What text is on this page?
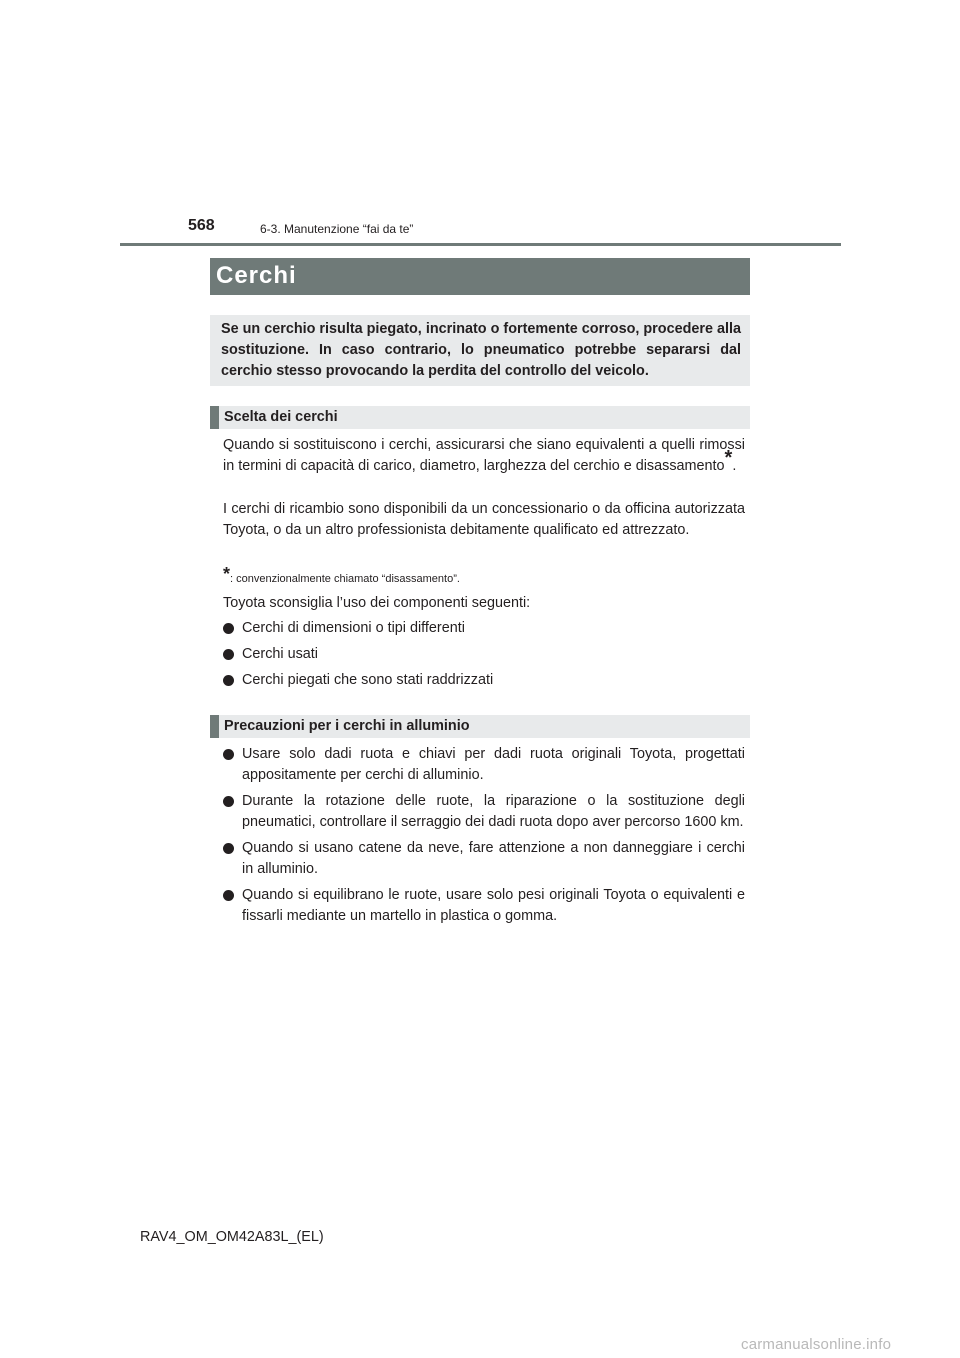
568	6-3. Manutenzione “fai da te”
Cerchi

Se un cerchio risulta piegato, incrinato o fortemente corroso, procedere alla sostituzione. In caso contrario, lo pneumatico potrebbe separarsi dal cerchio stesso provocando la perdita del controllo del veicolo.

Scelta dei cerchi

Quando si sostituiscono i cerchi, assicurarsi che siano equivalenti a quelli rimossi in termini di capacità di carico, diametro, larghezza del cerchio e disassamento*.

I cerchi di ricambio sono disponibili da un concessionario o da officina autorizzata Toyota, o da un altro professionista debitamente qualificato ed attrezzato.

*: convenzionalmente chiamato “disassamento”.

Toyota sconsiglia l’uso dei componenti seguenti:

Cerchi di dimensioni o tipi differenti
Cerchi usati
Cerchi piegati che sono stati raddrizzati
Precauzioni per i cerchi in alluminio
Usare solo dadi ruota e chiavi per dadi ruota originali Toyota, progettati appositamente per cerchi di alluminio.
Durante la rotazione delle ruote, la riparazione o la sostituzione degli pneumatici, controllare il serraggio dei dadi ruota dopo aver percorso 1600 km.
Quando si usano catene da neve, fare attenzione a non danneggiare i cerchi in alluminio.
Quando si equilibrano le ruote, usare solo pesi originali Toyota o equivalenti e fissarli mediante un martello in plastica o gomma.
RAV4_OM_OM42A83L_(EL)
carmanualsonline.info
